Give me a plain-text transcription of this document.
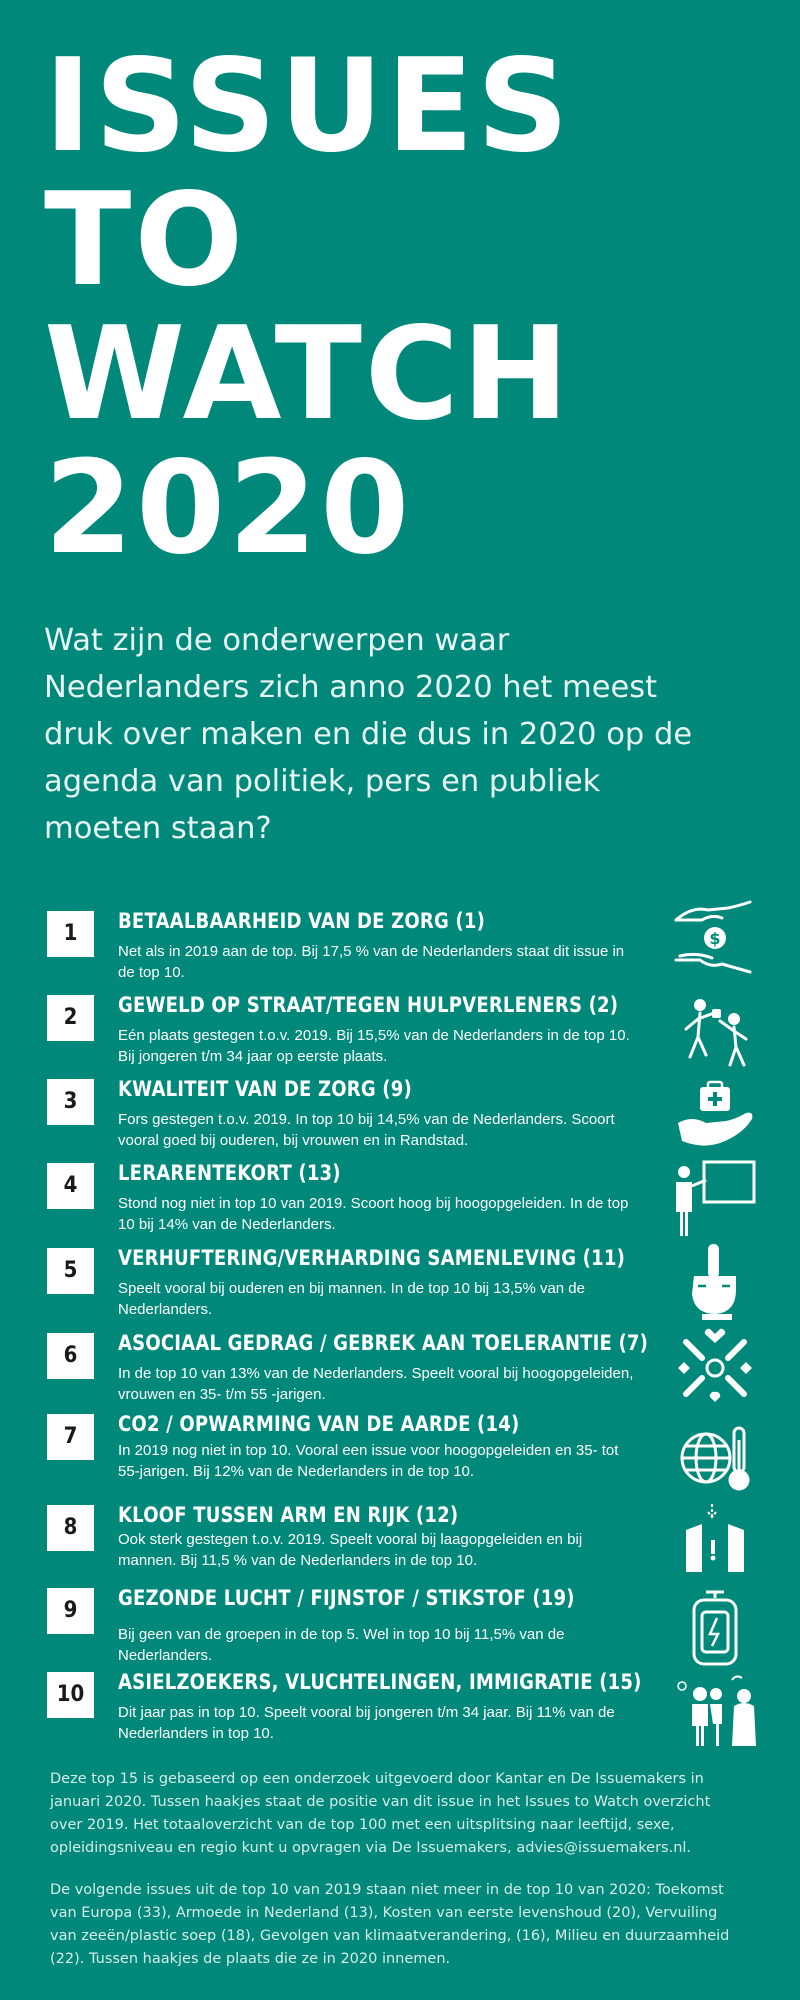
ISSUES
TO
WATCH
2020

Wat zijn de onderwerpen waar Nederlanders zich anno 2020 het meest druk over maken en die dus in 2020 op de agenda van politiek, pers en publiek moeten staan?

1	BETAALBAARHEID VAN DE ZORG (1)
Net als in 2019 aan de top. Bij 17,5 % van de Nederlanders staat dit issue in de top 10.
2	GEWELD OP STRAAT/TEGEN HULPVERLENERS (2)
Eén plaats gestegen t.o.v. 2019. Bij 15,5% van de Nederlanders in de top 10. Bij jongeren t/m 34 jaar op eerste plaats.
3	KWALITEIT VAN DE ZORG (9)
Fors gestegen t.o.v. 2019. In top 10 bij 14,5% van de Nederlanders. Scoort vooral goed bij ouderen, bij vrouwen en in Randstad.
4	LERARENTEKORT (13)
Stond nog niet in top 10 van 2019. Scoort hoog bij hoogopgeleiden. In de top 10 bij 14% van de Nederlanders.
5	VERHUFTERING/VERHARDING SAMENLEVING (11)
Speelt vooral bij ouderen en bij mannen. In de top 10 bij 13,5% van de Nederlanders.
6	ASOCIAAL GEDRAG / GEBREK AAN TOELERANTIE (7)
In de top 10 van 13% van de Nederlanders. Speelt vooral bij hoogopgeleiden, vrouwen en 35- t/m 55 -jarigen.
7	CO2 / OPWARMING VAN DE AARDE (14)
In 2019 nog niet in top 10. Vooral een issue voor hoogopgeleiden en 35- tot 55-jarigen. Bij 12% van de Nederlanders in de top 10.
8	KLOOF TUSSEN ARM EN RIJK (12)
Ook sterk gestegen t.o.v. 2019. Speelt vooral bij laagopgeleiden en bij mannen. Bij 11,5 % van de Nederlanders in de top 10.
9	GEZONDE LUCHT / FIJNSTOF / STIKSTOF (19)
Bij geen van de groepen in de top 5. Wel in top 10 bij 11,5% van de Nederlanders.
10	ASIELZOEKERS, VLUCHTELINGEN, IMMIGRATIE (15)
Dit jaar pas in top 10. Speelt vooral bij jongeren t/m 34 jaar. Bij 11% van de Nederlanders in top 10.
$
Deze top 15 is gebaseerd op een onderzoek uitgevoerd door Kantar en De Issuemakers in januari 2020. Tussen haakjes staat de positie van dit issue in het Issues to Watch overzicht over 2019. Het totaaloverzicht van de top 100 met een uitsplitsing naar leeftijd, sexe, opleidingsniveau en regio kunt u opvragen via De Issuemakers, advies@issuemakers.nl.
De volgende issues uit de top 10 van 2019 staan niet meer in de top 10 van 2020: Toekomst van Europa (33), Armoede in Nederland (13), Kosten van eerste levenshoud (20), Vervuiling van zeeën/plastic soep (18), Gevolgen van klimaatverandering, (16), Milieu en duurzaamheid (22). Tussen haakjes de plaats die ze in 2020 innemen.
